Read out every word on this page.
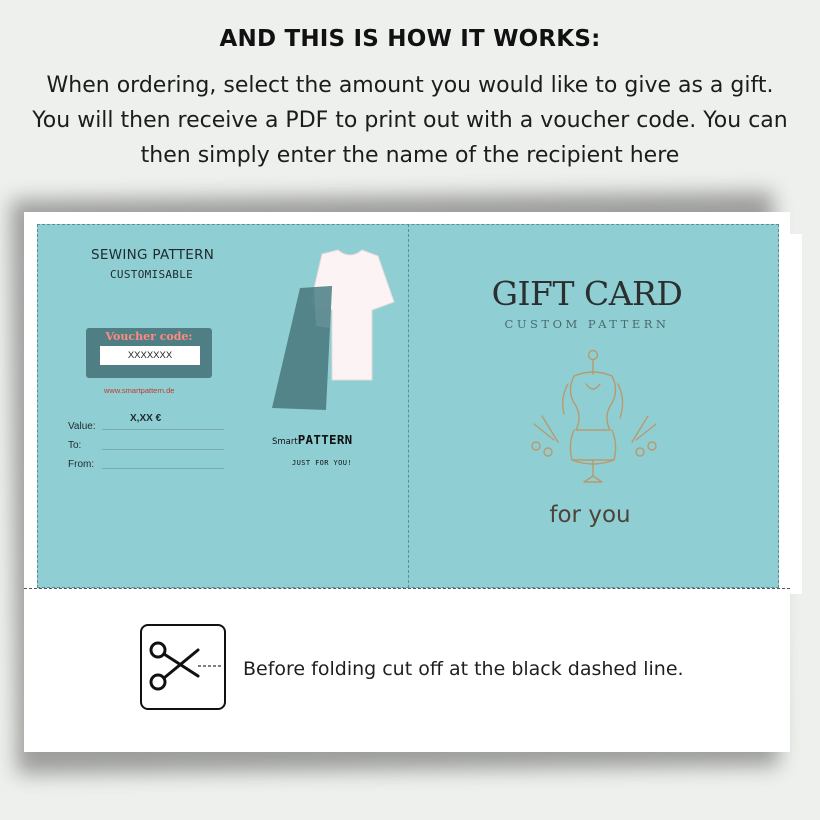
AND THIS IS HOW IT WORKS:
When ordering, select the amount you would like to give as a gift. You will then receive a PDF to print out with a voucher code. You can then simply enter the name of the recipient here
SEWING PATTERN
CUSTOMISABLE
Voucher code:
XXXXXXX
www.smartpattern.de
X,XX €
Value:
To:
From:
SmartPATTERN
JUST FOR YOU!
GIFT CARD
CUSTOM PATTERN
for you
Before folding cut off at the black dashed line.
